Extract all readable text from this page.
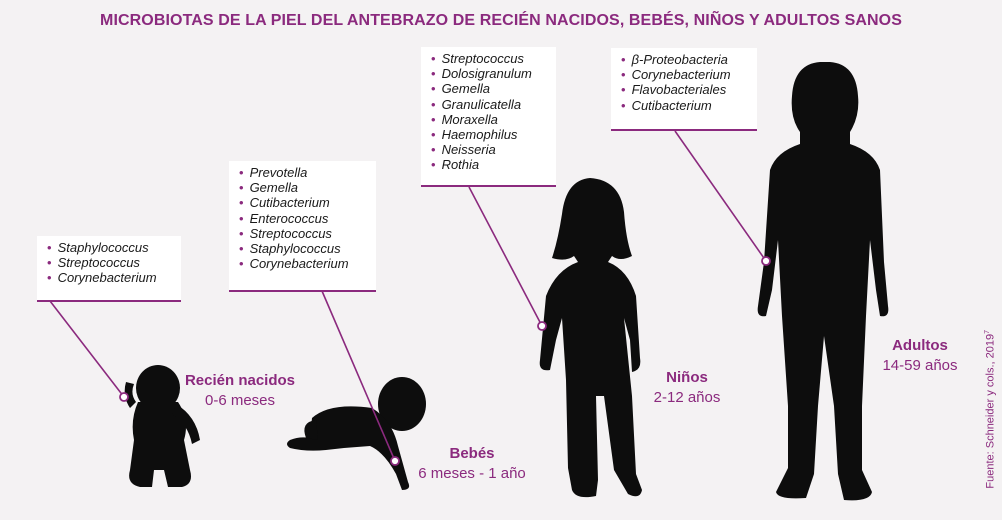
MICROBIOTAS DE LA PIEL DEL ANTEBRAZO DE RECIÉN NACIDOS, BEBÉS, NIÑOS Y ADULTOS SANOS
• Staphylococcus
• Streptococcus
• Corynebacterium
• Prevotella
• Gemella
• Cutibacterium
• Enterococcus
• Streptococcus
• Staphylococcus
• Corynebacterium
• Streptococcus
• Dolosigranulum
• Gemella
• Granulicatella
• Moraxella
• Haemophilus
• Neisseria
• Rothia
• β-Proteobacteria
• Corynebacterium
• Flavobacteriales
• Cutibacterium
Recién nacidos
0-6 meses
Bebés
6 meses - 1 año
Niños
2-12 años
Adultos
14-59 años	Fuente: Schneider y cols., 2019$^7$
